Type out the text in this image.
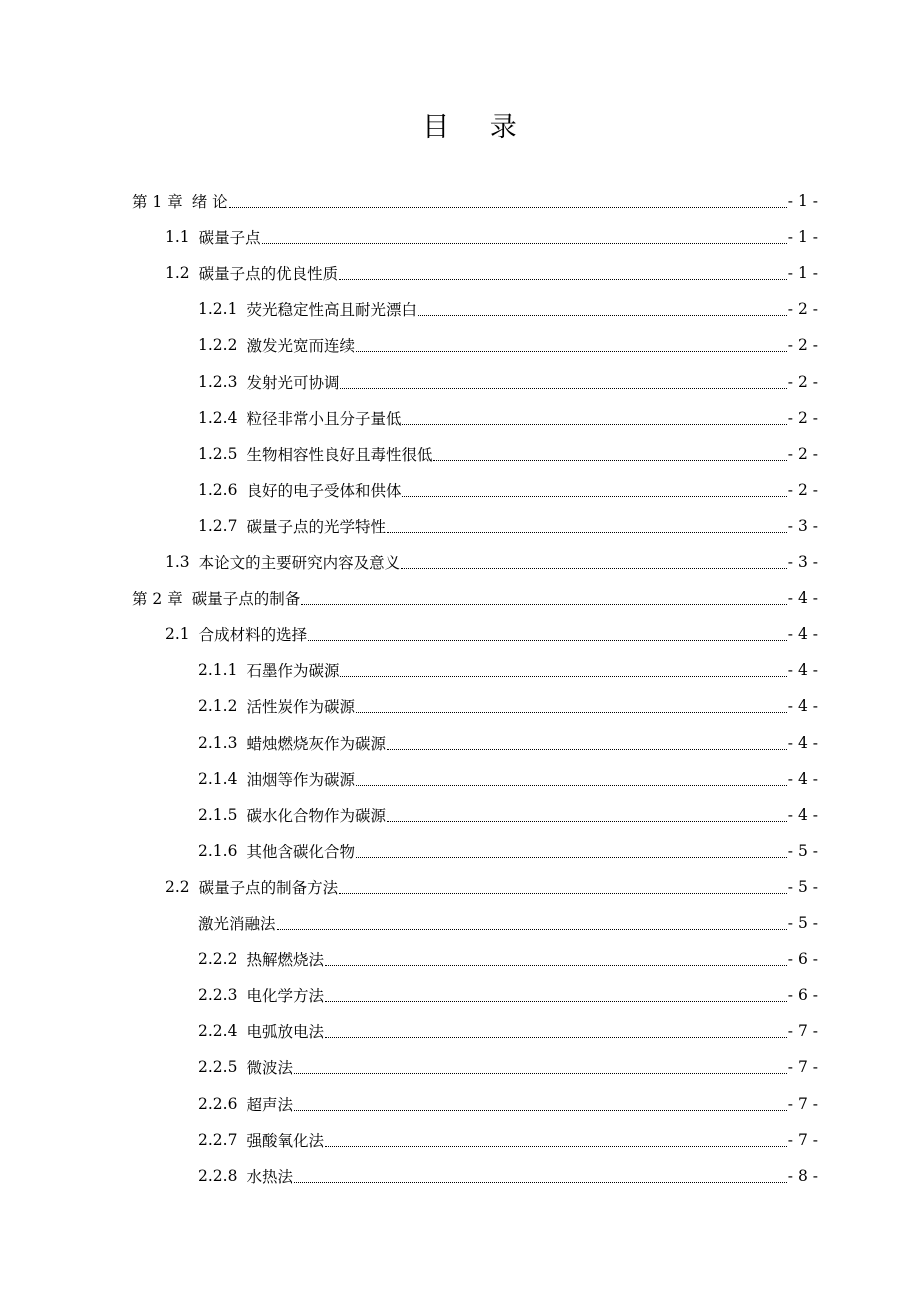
目 录
第 1 章 绪 论	- 1 -
1.1 碳量子点	- 1 -
1.2 碳量子点的优良性质	- 1 -
1.2.1 荧光稳定性高且耐光漂白	- 2 -
1.2.2 激发光宽而连续	- 2 -
1.2.3 发射光可协调	- 2 -
1.2.4 粒径非常小且分子量低	- 2 -
1.2.5 生物相容性良好且毒性很低	- 2 -
1.2.6 良好的电子受体和供体	- 2 -
1.2.7 碳量子点的光学特性	- 3 -
1.3 本论文的主要研究内容及意义	- 3 -
第 2 章 碳量子点的制备	- 4 -
2.1 合成材料的选择	- 4 -
2.1.1 石墨作为碳源	- 4 -
2.1.2 活性炭作为碳源	- 4 -
2.1.3 蜡烛燃烧灰作为碳源	- 4 -
2.1.4 油烟等作为碳源	- 4 -
2.1.5 碳水化合物作为碳源	- 4 -
2.1.6 其他含碳化合物	- 5 -
2.2 碳量子点的制备方法	- 5 -
激光消融法	- 5 -
2.2.2 热解燃烧法	- 6 -
2.2.3 电化学方法	- 6 -
2.2.4 电弧放电法	- 7 -
2.2.5 微波法	- 7 -
2.2.6 超声法	- 7 -
2.2.7 强酸氧化法	- 7 -
2.2.8 水热法	- 8 -
